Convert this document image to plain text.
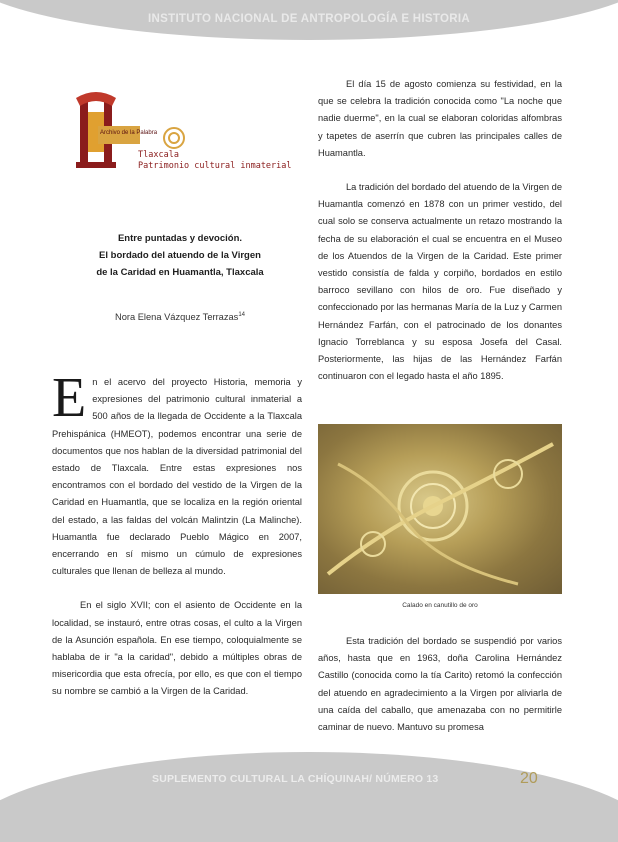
INSTITUTO NACIONAL DE ANTROPOLOGÍA E HISTORIA
Archivo de la Palabra
Tlaxcala
Patrimonio cultural inmaterial
Entre puntadas y devoción.
El bordado del atuendo de la Virgen
de la Caridad en Huamantla, Tlaxcala
Nora Elena Vázquez Terrazas$^{14}$

En el acervo del proyecto Historia, memoria y expresiones del patrimonio cultural inmaterial a 500 años de la llegada de Occidente a la Tlaxcala Prehispánica (HMEOT), podemos encontrar una serie de documentos que nos hablan de la diversidad patrimonial del estado de Tlaxcala. Entre estas expresiones nos encontramos con el bordado del vestido de la Virgen de la Caridad en Huamantla, que se localiza en la región oriental del estado, a las faldas del volcán Malintzin (La Malinche). Huamantla fue declarado Pueblo Mágico en 2007, encerrando en sí mismo un cúmulo de expresiones culturales que llenan de belleza al mundo.

En el siglo XVII; con el asiento de Occidente en la localidad, se instauró, entre otras cosas, el culto a la Virgen de la Asunción española. En ese tiempo, coloquialmente se hablaba de ir "a la caridad", debido a múltiples obras de misericordia que esta ofrecía, por ello, es que con el tiempo su nombre se cambió a la Virgen de la Caridad.

El día 15 de agosto comienza su festividad, en la que se celebra la tradición conocida como "La noche que nadie duerme", en la cual se elaboran coloridas alfombras y tapetes de aserrín que cubren las principales calles de Huamantla.

La tradición del bordado del atuendo de la Virgen de Huamantla comenzó en 1878 con un primer vestido, del cual solo se conserva actualmente un retazo mostrando la fecha de su elaboración el cual se encuentra en el Museo de los Atuendos de la Virgen de la Caridad. Este primer vestido consistía de falda y corpiño, bordados en estilo barroco sevillano con hilos de oro. Fue diseñado y confeccionado por las hermanas María de la Luz y Carmen Hernández Farfán, con el patrocinado de los donantes Ignacio Torreblanca y su esposa Josefa del Casal. Posteriormente, las hijas de las Hernández Farfán continuaron con el legado hasta el año 1895.

Calado en canutillo de oro

Esta tradición del bordado se suspendió por varios años, hasta que en 1963, doña Carolina Hernández Castillo (conocida como la tía Carito) retomó la confección del atuendo en agradecimiento a la Virgen por aliviarla de una caída del caballo, que amenazaba con no permitirle caminar de nuevo. Mantuvo su promesa

SUPLEMENTO CULTURAL LA CHÍQUINAH/ NÚMERO 13	20
